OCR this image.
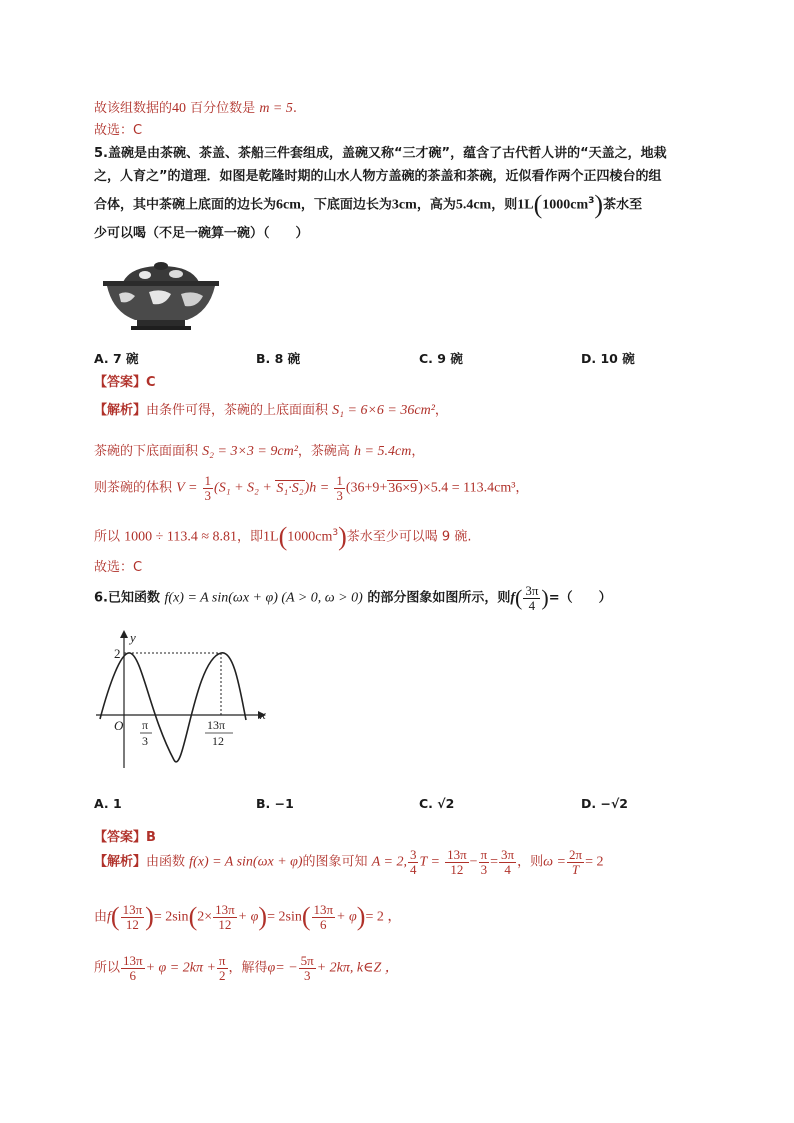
故该组数据的40 百分位数是 m = 5.
故选：C
5.盖碗是由茶碗、茶盖、茶船三件套组成，盖碗又称“三才碗”，蕴含了古代哲人讲的“天盖之，地栽
之，人育之”的道理．如图是乾隆时期的山水人物方盖碗的茶盖和茶碗，近似看作两个正四棱台的组
合体，其中茶碗上底面的边长为6cm，下底面边长为3cm，高为5.4cm，则$1L(1000cm^3)$茶水至
少可以喝（不足一碗算一碗）（　　）
A. 7 碗	B. 8 碗	C. 9 碗	D. 10 碗
【答案】C
【解析】由条件可得，茶碗的上底面面积 S₁ = 6×6 = 36cm²，
茶碗的下底面面积 S₂ = 3×3 = 9cm²，茶碗高 h = 5.4cm，
则茶碗的体积 $V = \frac{1}{3} (S_1 + S_2 + S_1\cdot S_2)h = \frac{1}{3} (36+9+36\times 9)\times 5.4 = 113.4cm^3$，
所以 1000 ÷ 113.4 ≈ 8.81，即$1L(1000cm^3)$茶水至少可以喝 9 碗.
故选：C
6.已知函数 f(x) = A sin(ωx + φ) (A > 0, ω > 0) 的部分图象如图所示，则$f( \frac{3\pi}{4}$ )=（　　）
y
x
2
O π
3
13π
12
A. 1	B. −1	C. √2	D. −√2
【答案】B
【解析】由函数 f(x) = A sin(ωx + φ)的图象可知 A = 2, $\frac{3}{4}$ $T = \frac{13\pi}{12} - \frac{\pi}{3} = \frac{3\pi}{4}$ ，则$\omega = \frac{2\pi}{T} = 2$
由$f( \frac{13\pi}{12}$ )= $2\sin(2\times \frac{13\pi}{12} + \varphi)= 2\sin( \frac{13\pi}{6} + \varphi)= 2$ ，
所以 $\frac{13\pi}{6} + \varphi = 2k\pi + \frac{\pi}{2}$ ，解得$\varphi= - \frac{5\pi}{3} + 2k\pi$, k∈Z ，
